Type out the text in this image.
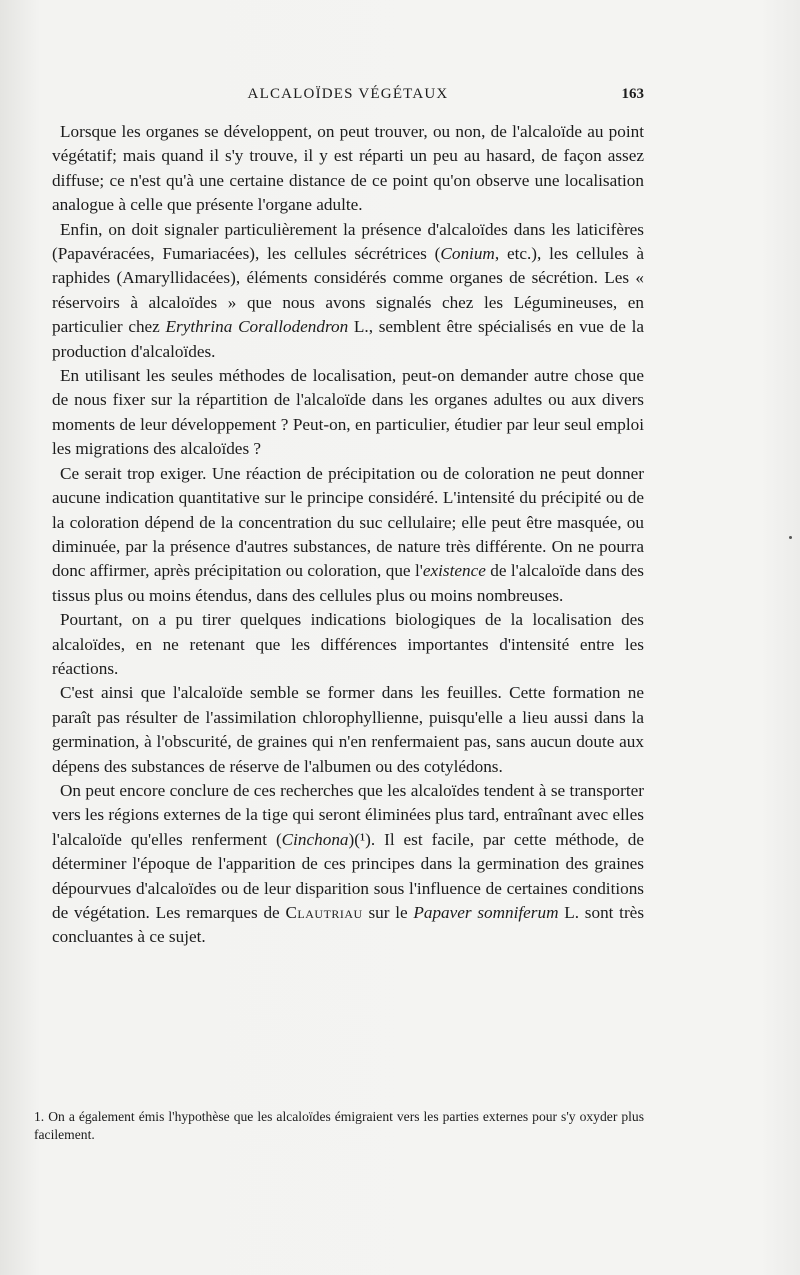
ALCALOÏDES VÉGÉTAUX	163

Lorsque les organes se développent, on peut trouver, ou non, de l'alcaloïde au point végétatif; mais quand il s'y trouve, il y est réparti un peu au hasard, de façon assez diffuse; ce n'est qu'à une certaine distance de ce point qu'on observe une localisation analogue à celle que présente l'organe adulte.

Enfin, on doit signaler particulièrement la présence d'alcaloïdes dans les laticifères (Papavéracées, Fumariacées), les cellules sécrétrices (Conium, etc.), les cellules à raphides (Amaryllidacées), éléments considérés comme organes de sécrétion. Les « réservoirs à alcaloïdes » que nous avons signalés chez les Légumineuses, en particulier chez Erythrina Corallodendron L., semblent être spécialisés en vue de la production d'alcaloïdes.

En utilisant les seules méthodes de localisation, peut-on demander autre chose que de nous fixer sur la répartition de l'alcaloïde dans les organes adultes ou aux divers moments de leur développement ? Peut-on, en particulier, étudier par leur seul emploi les migrations des alcaloïdes ?

Ce serait trop exiger. Une réaction de précipitation ou de coloration ne peut donner aucune indication quantitative sur le principe considéré. L'intensité du précipité ou de la coloration dépend de la concentration du suc cellulaire; elle peut être masquée, ou diminuée, par la présence d'autres substances, de nature très différente. On ne pourra donc affirmer, après précipitation ou coloration, que l'existence de l'alcaloïde dans des tissus plus ou moins étendus, dans des cellules plus ou moins nombreuses.

Pourtant, on a pu tirer quelques indications biologiques de la localisation des alcaloïdes, en ne retenant que les différences importantes d'intensité entre les réactions.

C'est ainsi que l'alcaloïde semble se former dans les feuilles. Cette formation ne paraît pas résulter de l'assimilation chlorophyllienne, puisqu'elle a lieu aussi dans la germination, à l'obscurité, de graines qui n'en renfermaient pas, sans aucun doute aux dépens des substances de réserve de l'albumen ou des cotylédons.

On peut encore conclure de ces recherches que les alcaloïdes tendent à se transporter vers les régions externes de la tige qui seront éliminées plus tard, entraînant avec elles l'alcaloïde qu'elles renferment (Cinchona)(¹). Il est facile, par cette méthode, de déterminer l'époque de l'apparition de ces principes dans la germination des graines dépourvues d'alcaloïdes ou de leur disparition sous l'influence de certaines conditions de végétation. Les remarques de Clautriau sur le Papaver somniferum L. sont très concluantes à ce sujet.

1. On a également émis l'hypothèse que les alcaloïdes émigraient vers les parties externes pour s'y oxyder plus facilement.
